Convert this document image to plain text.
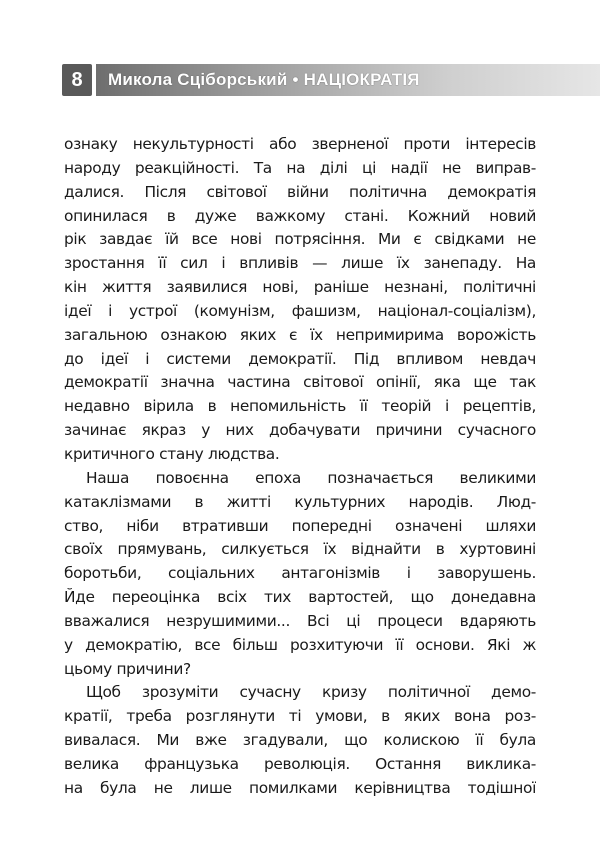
8	Микола Сціборський • НАЦІОКРАТІЯ
ознаку некультурності або зверненої проти інтересів
народу реакційності. Та на ділі ці надії не виправ-
далися. Після світової війни політична демократія
опинилася в дуже важкому стані. Кожний новий
рік завдає їй все нові потрясіння. Ми є свідками не
зростання її сил і впливів — лише їх занепаду. На
кін життя заявилися нові, раніше незнані, політичні
ідеї і устрої (комунізм, фашизм, націонал-соціалізм),
загальною ознакою яких є їх непримирима ворожість
до ідеї і системи демократії. Під впливом невдач
демократії значна частина світової опінії, яка ще так
недавно вірила в непомильність її теорій і рецептів,
зачинає якраз у них добачувати причини сучасного
критичного стану людства.
Наша повоєнна епоха позначається великими
катаклізмами в житті культурних народів. Люд-
ство, ніби втративши попередні означені шляхи
своїх прямувань, силкується їх віднайти в хуртовині
боротьби, соціальних антагонізмів і заворушень.
Йде переоцінка всіх тих вартостей, що донедавна
вважалися незрушимими... Всі ці процеси вдаряють
у демократію, все більш розхитуючи її основи. Які ж
цьому причини?
Щоб зрозуміти сучасну кризу політичної демо-
кратії, треба розглянути ті умови, в яких вона роз-
вивалася. Ми вже згадували, що колискою її була
велика французька революція. Остання виклика-
на була не лише помилками керівництва тодішної
